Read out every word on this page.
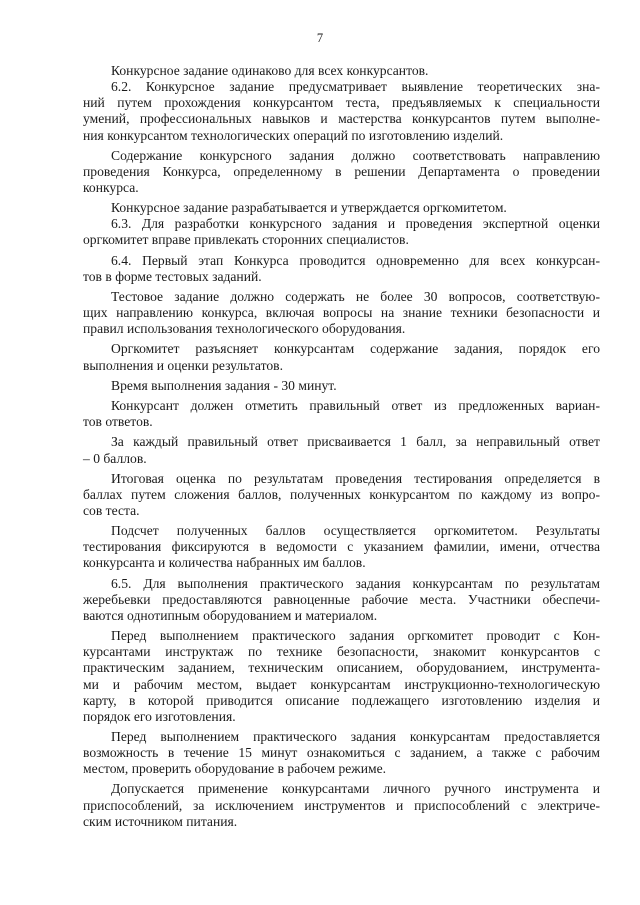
7
Конкурсное задание одинаково для всех конкурсантов.
6.2. Конкурсное задание предусматривает выявление теоретических зна-
ний путем прохождения конкурсантом теста, предъявляемых к специальности
умений, профессиональных навыков и мастерства конкурсантов путем выполне-
ния конкурсантом технологических операций по изготовлению изделий.
Содержание конкурсного задания должно соответствовать направлению
проведения Конкурса, определенному в решении Департамента о проведении
конкурса.
Конкурсное задание разрабатывается и утверждается оргкомитетом.
6.3. Для разработки конкурсного задания и проведения экспертной оценки
оргкомитет вправе привлекать сторонних специалистов.
6.4. Первый этап Конкурса проводится одновременно для всех конкурсан-
тов в форме тестовых заданий.
Тестовое задание должно содержать не более 30 вопросов, соответствую-
щих направлению конкурса, включая вопросы на знание техники безопасности и
правил использования технологического оборудования.
Оргкомитет разъясняет конкурсантам содержание задания, порядок его
выполнения и оценки результатов.
Время выполнения задания - 30 минут.
Конкурсант должен отметить правильный ответ из предложенных вариан-
тов ответов.
За каждый правильный ответ присваивается 1 балл, за неправильный ответ
– 0 баллов.
Итоговая оценка по результатам проведения тестирования определяется в
баллах путем сложения баллов, полученных конкурсантом по каждому из вопро-
сов теста.
Подсчет полученных баллов осуществляется оргкомитетом. Результаты
тестирования фиксируются в ведомости с указанием фамилии, имени, отчества
конкурсанта и количества набранных им баллов.
6.5. Для выполнения практического задания конкурсантам по результатам
жеребьевки предоставляются равноценные рабочие места. Участники обеспечи-
ваются однотипным оборудованием и материалом.
Перед выполнением практического задания оргкомитет проводит с Кон-
курсантами инструктаж по технике безопасности, знакомит конкурсантов с
практическим заданием, техническим описанием, оборудованием, инструмента-
ми и рабочим местом, выдает конкурсантам инструкционно-технологическую
карту, в которой приводится описание подлежащего изготовлению изделия и
порядок его изготовления.
Перед выполнением практического задания конкурсантам предоставляется
возможность в течение 15 минут ознакомиться с заданием, а также с рабочим
местом, проверить оборудование в рабочем режиме.
Допускается применение конкурсантами личного ручного инструмента и
приспособлений, за исключением инструментов и приспособлений с электриче-
ским источником питания.
